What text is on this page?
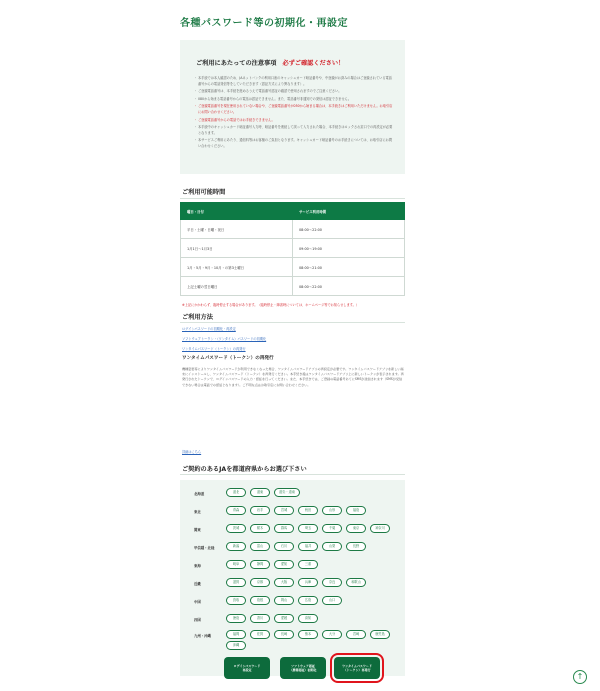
各種パスワード等の初期化・再設定
ご利用にあたっての注意事項 必ずご確認ください！
・ 本手続では本人確認のため、JAネットバンクの利用口座のキャッシュカード暗証番号や、中登録がお済みの場合はご登録されている電話番号からの電話発信等をしていただきます（認証方式により異なります）。
・ ご登録電話番号は、本手続を進めるうえで電話番号認証の確認で使用されますのでご注意ください。
・ 080から始まる電話番号からの電話は認証できません。また、電話番号非通知での発信は認証できません。
・ ご登録電話番号を現在使用されていない場合や、ご登録電話番号が050から始まる場合は、本手続きはご利用いただけません。お取引店にお問い合わせください。
・ ご登録電話番号からの電話ではお手続きできません。
・ 本手続中のキャッシュカード暗証番号入力時、暗証番号を連続して誤って入力された場合、本手続きはロックされ窓口での再設定が必要となります。
・ 本サービスご利用にあたり、通信料等はお客様のご負担となります。キャッシュカード暗証番号のお手続きについては、お取引店にお問い合わせください。
ご利用可能時間
曜日・日付	サービス利用時間
平日・土曜・日曜・祝日	08:00〜22:00
1月1日〜1月3日	09:00〜19:00
1月・5月・9月・10月・の第3土曜日	08:00〜21:00
上記土曜の翌日曜日	08:00〜22:00
※上記にかかわらず、臨時停止する場合があります。（臨時停止・障害時については、ホームページ等でお知らせします。）
ご利用方法
ログインパスワードの初期化・再設定
ソフトウェアトークン・（ワンタイム）パスワードの初期化
ワンタイムパスワード（トークン）の再発行
ワンタイムパスワード（トークン）の再発行
機種変更等によりワンタイムパスワードが利用できなくなった場合、ワンタイムパスワードアプリの再設定が必要です。ワンタイムパスワードアプリを新しい端末にインストールし、ワンタイムパスワード（トークン）を再発行ください。本手続き後はワンタイムパスワードアプリ上に新しいトークンが表示されます。再発行されたトークンで、ログインパスワードの入力・認証を行ってください。また、本手続きでは、ご登録の電話番号あてにSMSが送信されます（SMSが受信できない場合は電話での認証となります）。ご不明な点はお取引店にお問い合わせください。
詳細はこちら
ご契約のあるJAを都道府県からお選び下さい
北海道	道北	道東	道央・道南
東北	青森	岩手	宮城	秋田	山形	福島
関東	茨城	栃木	群馬	埼玉	千葉	東京	神奈川
甲信越・北陸	新潟	富山	石川	福井	山梨	長野
東海	岐阜	静岡	愛知	三重
近畿	滋賀	京都	大阪	兵庫	奈良	和歌山
中国	鳥取	島根	岡山	広島	山口
四国	徳島	香川	愛媛	高知
九州・沖縄	福岡	佐賀	長崎	熊本	大分	宮崎	鹿児島
沖縄
ログインパスワード
再設定
ソフトウェア認証
（携帯認証）初期化
ワンタイムパスワード
（トークン）再発行
↑
